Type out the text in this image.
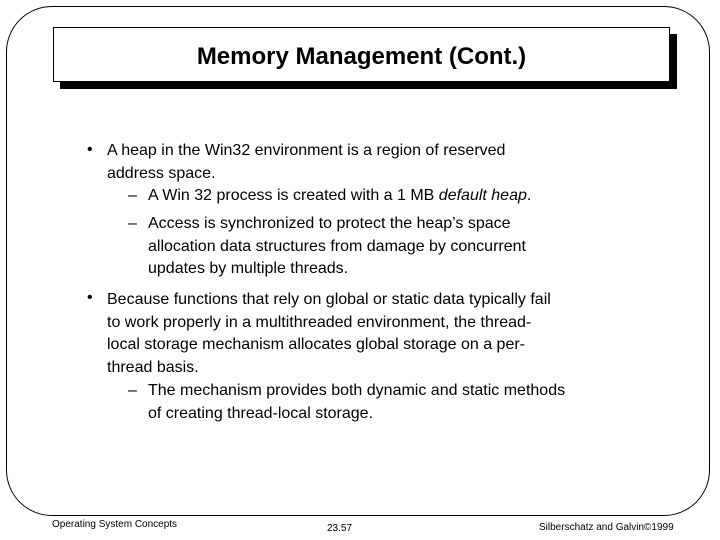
Memory Management (Cont.)
• A heap in the Win32 environment is a region of reserved
address space.
– A Win 32 process is created with a 1 MB default heap.
– Access is synchronized to protect the heap’s space
allocation data structures from damage by concurrent
updates by multiple threads.
• Because functions that rely on global or static data typically fail
to work properly in a multithreaded environment, the thread-
local storage mechanism allocates global storage on a per-
thread basis.
– The mechanism provides both dynamic and static methods
of creating thread-local storage.
Operating System Concepts	23.57	Silberschatz and Galvin©1999
